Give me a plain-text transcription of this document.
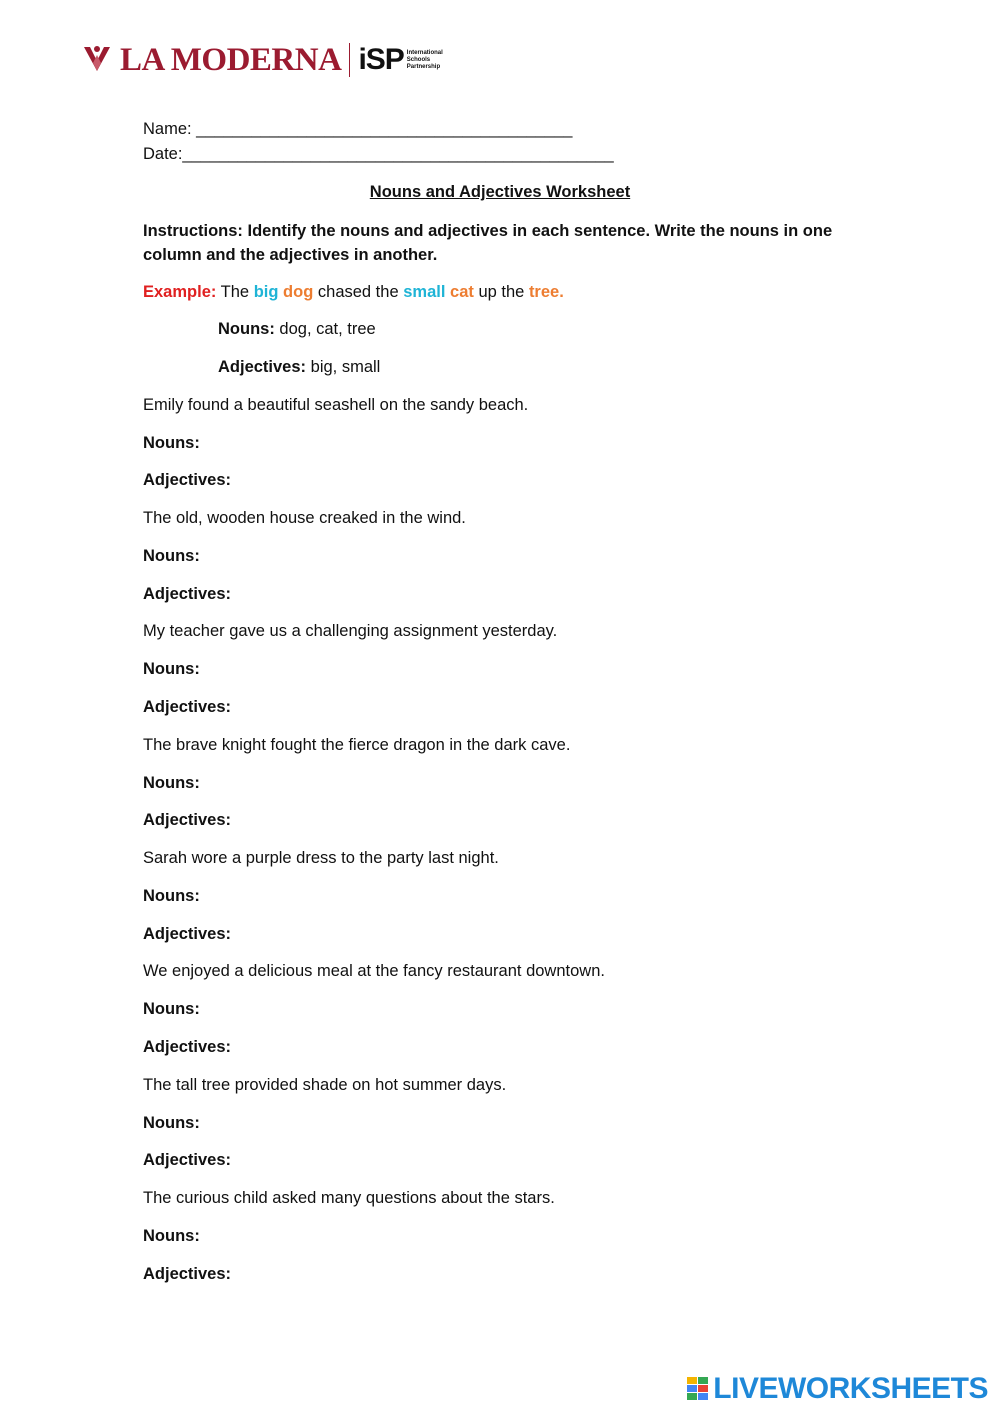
LA MODERNA iSP International Schools Partnership
Name: _________________________________________
Date:_______________________________________________
Nouns and Adjectives Worksheet
Instructions: Identify the nouns and adjectives in each sentence. Write the nouns in one column and the adjectives in another.
Example: The big dog chased the small cat up the tree.
Nouns: dog, cat, tree
Adjectives: big, small
Emily found a beautiful seashell on the sandy beach.
Nouns:
Adjectives:
The old, wooden house creaked in the wind.
Nouns:
Adjectives:
My teacher gave us a challenging assignment yesterday.
Nouns:
Adjectives:
The brave knight fought the fierce dragon in the dark cave.
Nouns:
Adjectives:
Sarah wore a purple dress to the party last night.
Nouns:
Adjectives:
We enjoyed a delicious meal at the fancy restaurant downtown.
Nouns:
Adjectives:
The tall tree provided shade on hot summer days.
Nouns:
Adjectives:
The curious child asked many questions about the stars.
Nouns:
Adjectives:
LIVEWORKSHEETS
